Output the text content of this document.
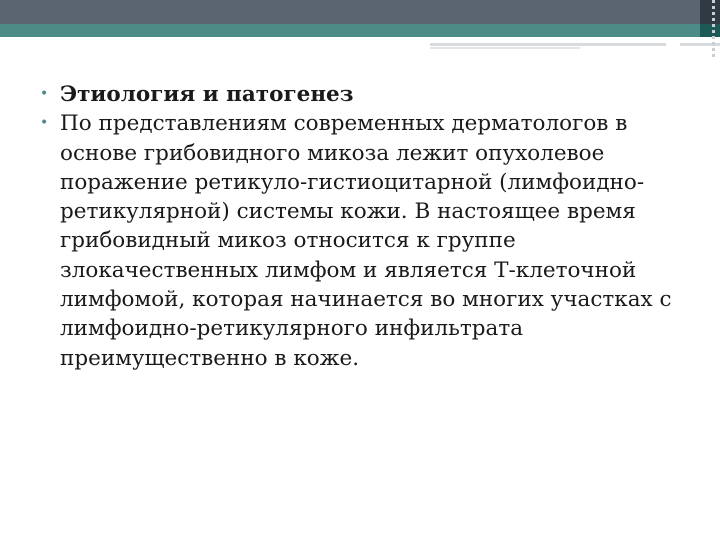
• Этиология и патогенез
• По представлениям современных дерматологов в основе грибовидного микоза лежит опухолевое поражение ретикуло-гистиоцитарной (лимфоидно-ретикулярной) системы кожи. В настоящее время грибовидный микоз относится к группе злокачественных лимфом и является Т-клеточной лимфомой, которая начинается во многих участках с лимфоидно-ретикулярного инфильтрата преимущественно в коже.
